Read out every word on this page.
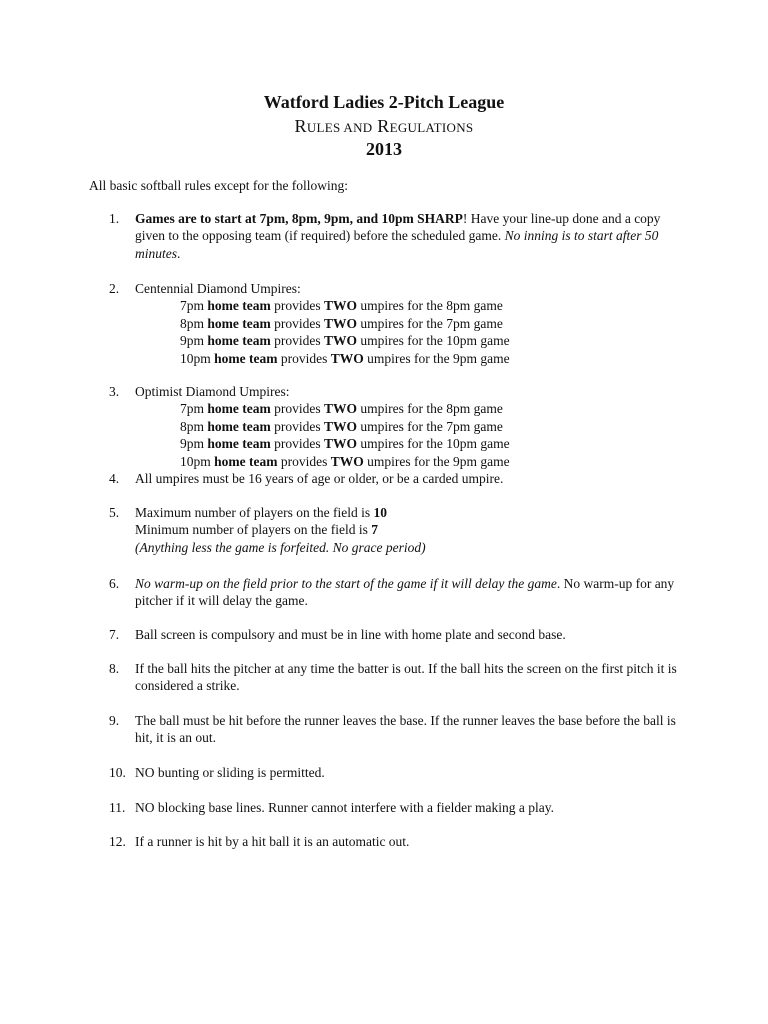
Watford Ladies 2-Pitch League
RULES AND REGULATIONS
2013
All basic softball rules except for the following:
1.	Games are to start at 7pm, 8pm, 9pm, and 10pm SHARP! Have your line-up done and a copy given to the opposing team (if required) before the scheduled game. No inning is to start after 50 minutes.
2.	Centennial Diamond Umpires:
7pm home team provides TWO umpires for the 8pm game
8pm home team provides TWO umpires for the 7pm game
9pm home team provides TWO umpires for the 10pm game
10pm home team provides TWO umpires for the 9pm game
3.	Optimist Diamond Umpires:
7pm home team provides TWO umpires for the 8pm game
8pm home team provides TWO umpires for the 7pm game
9pm home team provides TWO umpires for the 10pm game
10pm home team provides TWO umpires for the 9pm game
4.	All umpires must be 16 years of age or older, or be a carded umpire.
5.	Maximum number of players on the field is 10
Minimum number of players on the field is 7
(Anything less the game is forfeited. No grace period)
6.	No warm-up on the field prior to the start of the game if it will delay the game. No warm-up for any pitcher if it will delay the game.
7.	Ball screen is compulsory and must be in line with home plate and second base.
8.	If the ball hits the pitcher at any time the batter is out. If the ball hits the screen on the first pitch it is considered a strike.
9.	The ball must be hit before the runner leaves the base. If the runner leaves the base before the ball is hit, it is an out.
10. NO bunting or sliding is permitted.
11. NO blocking base lines. Runner cannot interfere with a fielder making a play.
12. If a runner is hit by a hit ball it is an automatic out.
